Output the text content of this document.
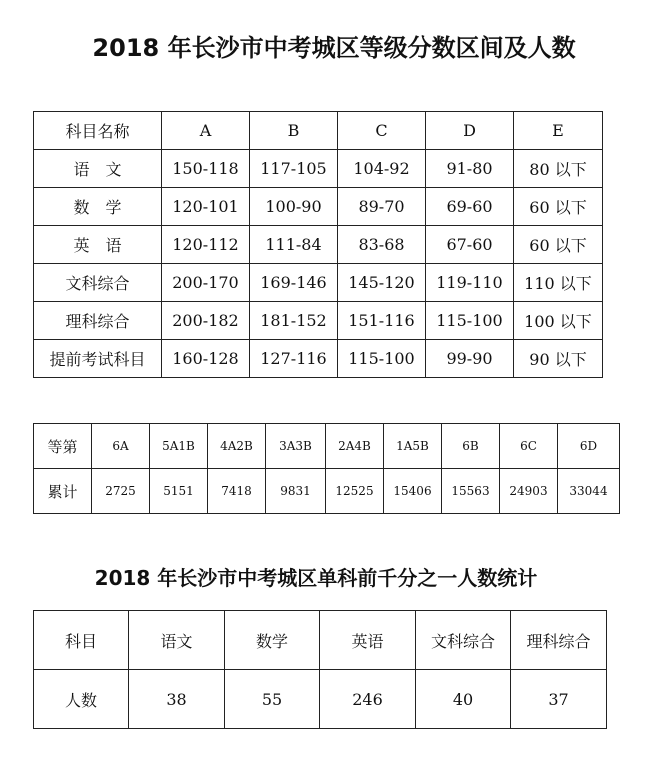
2018 年长沙市中考城区等级分数区间及人数
科目名称	A	B	C	D	E
语　文	150-118	117-105	104-92	91-80	80 以下
数　学	120-101	100-90	89-70	69-60	60 以下
英　语	120-112	111-84	83-68	67-60	60 以下
文科综合	200-170	169-146	145-120	119-110	110 以下
理科综合	200-182	181-152	151-116	115-100	100 以下
提前考试科目	160-128	127-116	115-100	99-90	90 以下
等第	6A	5A1B	4A2B	3A3B	2A4B	1A5B	6B	6C	6D
累计	2725	5151	7418	9831	12525	15406	15563	24903	33044
2018 年长沙市中考城区单科前千分之一人数统计
科目	语文	数学	英语	文科综合	理科综合
人数	38	55	246	40	37
